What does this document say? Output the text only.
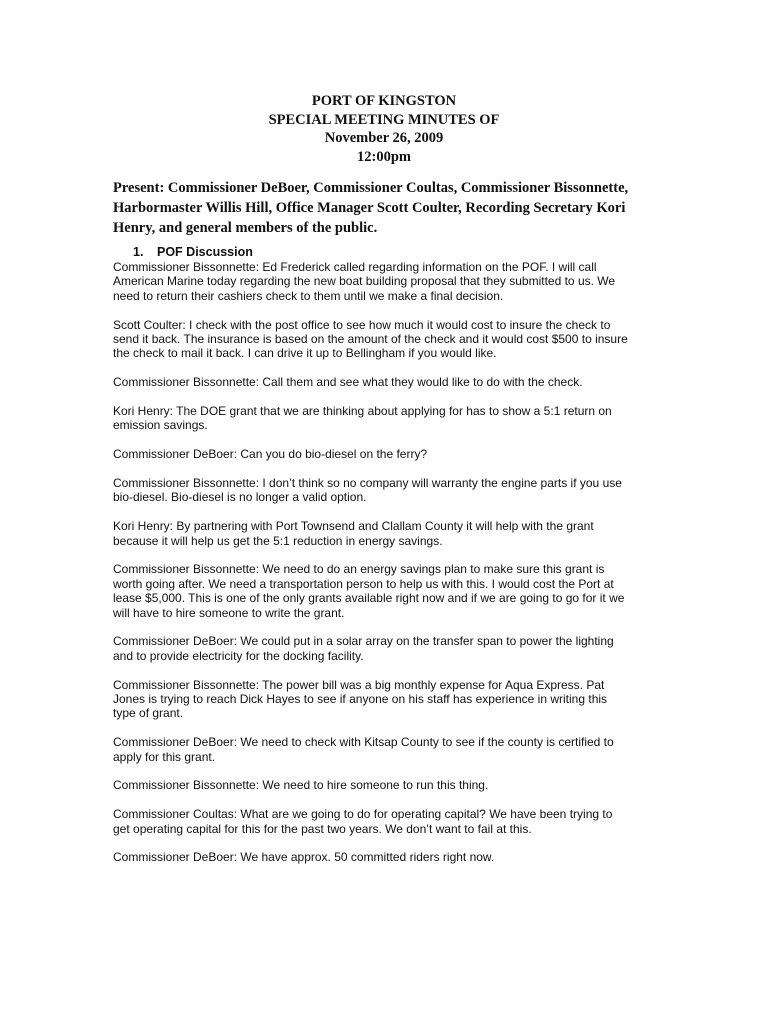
PORT OF KINGSTON
SPECIAL MEETING MINUTES OF
November 26, 2009
12:00pm
Present: Commissioner DeBoer, Commissioner Coultas, Commissioner Bissonnette, Harbormaster Willis Hill, Office Manager Scott Coulter, Recording Secretary Kori Henry, and general members of the public.
1. POF Discussion

Commissioner Bissonnette: Ed Frederick called regarding information on the POF. I will call
American Marine today regarding the new boat building proposal that they submitted to us. We
need to return their cashiers check to them until we make a final decision.

Scott Coulter: I check with the post office to see how much it would cost to insure the check to
send it back. The insurance is based on the amount of the check and it would cost $500 to insure
the check to mail it back. I can drive it up to Bellingham if you would like.

Commissioner Bissonnette: Call them and see what they would like to do with the check.

Kori Henry: The DOE grant that we are thinking about applying for has to show a 5:1 return on
emission savings.

Commissioner DeBoer: Can you do bio-diesel on the ferry?

Commissioner Bissonnette: I don’t think so no company will warranty the engine parts if you use
bio-diesel. Bio-diesel is no longer a valid option.

Kori Henry: By partnering with Port Townsend and Clallam County it will help with the grant
because it will help us get the 5:1 reduction in energy savings.

Commissioner Bissonnette: We need to do an energy savings plan to make sure this grant is
worth going after. We need a transportation person to help us with this. I would cost the Port at
lease $5,000. This is one of the only grants available right now and if we are going to go for it we
will have to hire someone to write the grant.

Commissioner DeBoer: We could put in a solar array on the transfer span to power the lighting
and to provide electricity for the docking facility.

Commissioner Bissonnette: The power bill was a big monthly expense for Aqua Express. Pat
Jones is trying to reach Dick Hayes to see if anyone on his staff has experience in writing this
type of grant.

Commissioner DeBoer: We need to check with Kitsap County to see if the county is certified to
apply for this grant.

Commissioner Bissonnette: We need to hire someone to run this thing.

Commissioner Coultas: What are we going to do for operating capital? We have been trying to
get operating capital for this for the past two years. We don’t want to fail at this.

Commissioner DeBoer: We have approx. 50 committed riders right now.
